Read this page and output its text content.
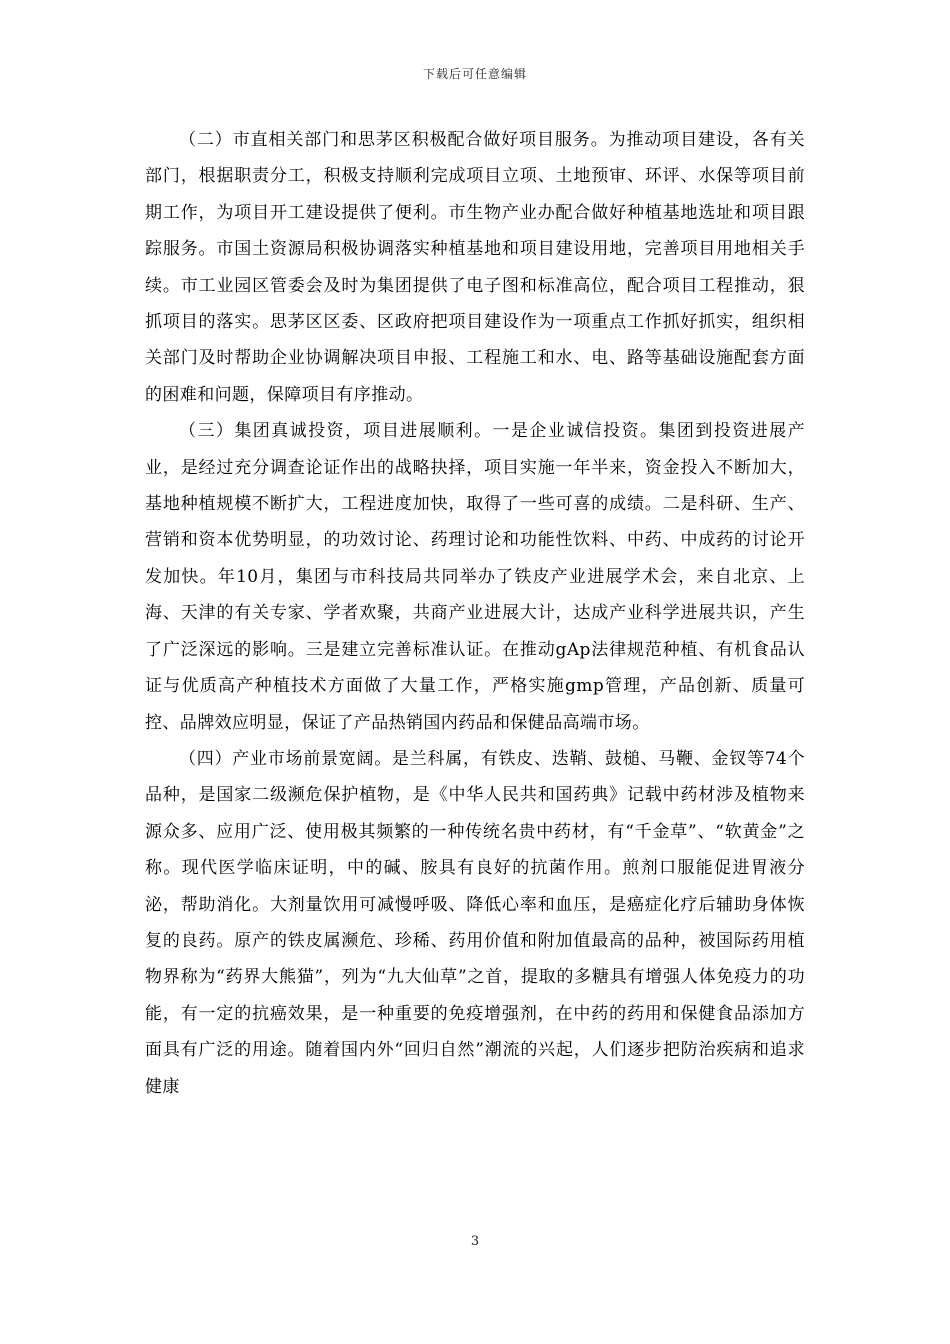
下载后可任意编辑

（二）市直相关部门和思茅区积极配合做好项目服务。为推动项目建设，各有关部门，根据职责分工，积极支持顺利完成项目立项、土地预审、环评、水保等项目前期工作，为项目开工建设提供了便利。市生物产业办配合做好种植基地选址和项目跟踪服务。市国土资源局积极协调落实种植基地和项目建设用地，完善项目用地相关手续。市工业园区管委会及时为集团提供了电子图和标准高位，配合项目工程推动，狠抓项目的落实。思茅区区委、区政府把项目建设作为一项重点工作抓好抓实，组织相关部门及时帮助企业协调解决项目申报、工程施工和水、电、路等基础设施配套方面的困难和问题，保障项目有序推动。

（三）集团真诚投资，项目进展顺利。一是企业诚信投资。集团到投资进展产业，是经过充分调查论证作出的战略抉择，项目实施一年半来，资金投入不断加大，基地种植规模不断扩大，工程进度加快，取得了一些可喜的成绩。二是科研、生产、营销和资本优势明显，的功效讨论、药理讨论和功能性饮料、中药、中成药的讨论开发加快。年10月，集团与市科技局共同举办了铁皮产业进展学术会，来自北京、上海、天津的有关专家、学者欢聚，共商产业进展大计，达成产业科学进展共识，产生了广泛深远的影响。三是建立完善标准认证。在推动gAp法律规范种植、有机食品认证与优质高产种植技术方面做了大量工作，严格实施gmp管理，产品创新、质量可控、品牌效应明显，保证了产品热销国内药品和保健品高端市场。

（四）产业市场前景宽阔。是兰科属，有铁皮、迭鞘、鼓槌、马鞭、金钗等74个品种，是国家二级濒危保护植物，是《中华人民共和国药典》记载中药材涉及植物来源众多、应用广泛、使用极其频繁的一种传统名贵中药材，有“千金草”、“软黄金”之称。现代医学临床证明，中的碱、胺具有良好的抗菌作用。煎剂口服能促进胃液分泌，帮助消化。大剂量饮用可减慢呼吸、降低心率和血压，是癌症化疗后辅助身体恢复的良药。原产的铁皮属濒危、珍稀、药用价值和附加值最高的品种，被国际药用植物界称为“药界大熊猫”，列为“九大仙草”之首，提取的多糖具有增强人体免疫力的功能，有一定的抗癌效果，是一种重要的免疫增强剂，在中药的药用和保健食品添加方面具有广泛的用途。随着国内外“回归自然”潮流的兴起，人们逐步把防治疾病和追求健康

3
